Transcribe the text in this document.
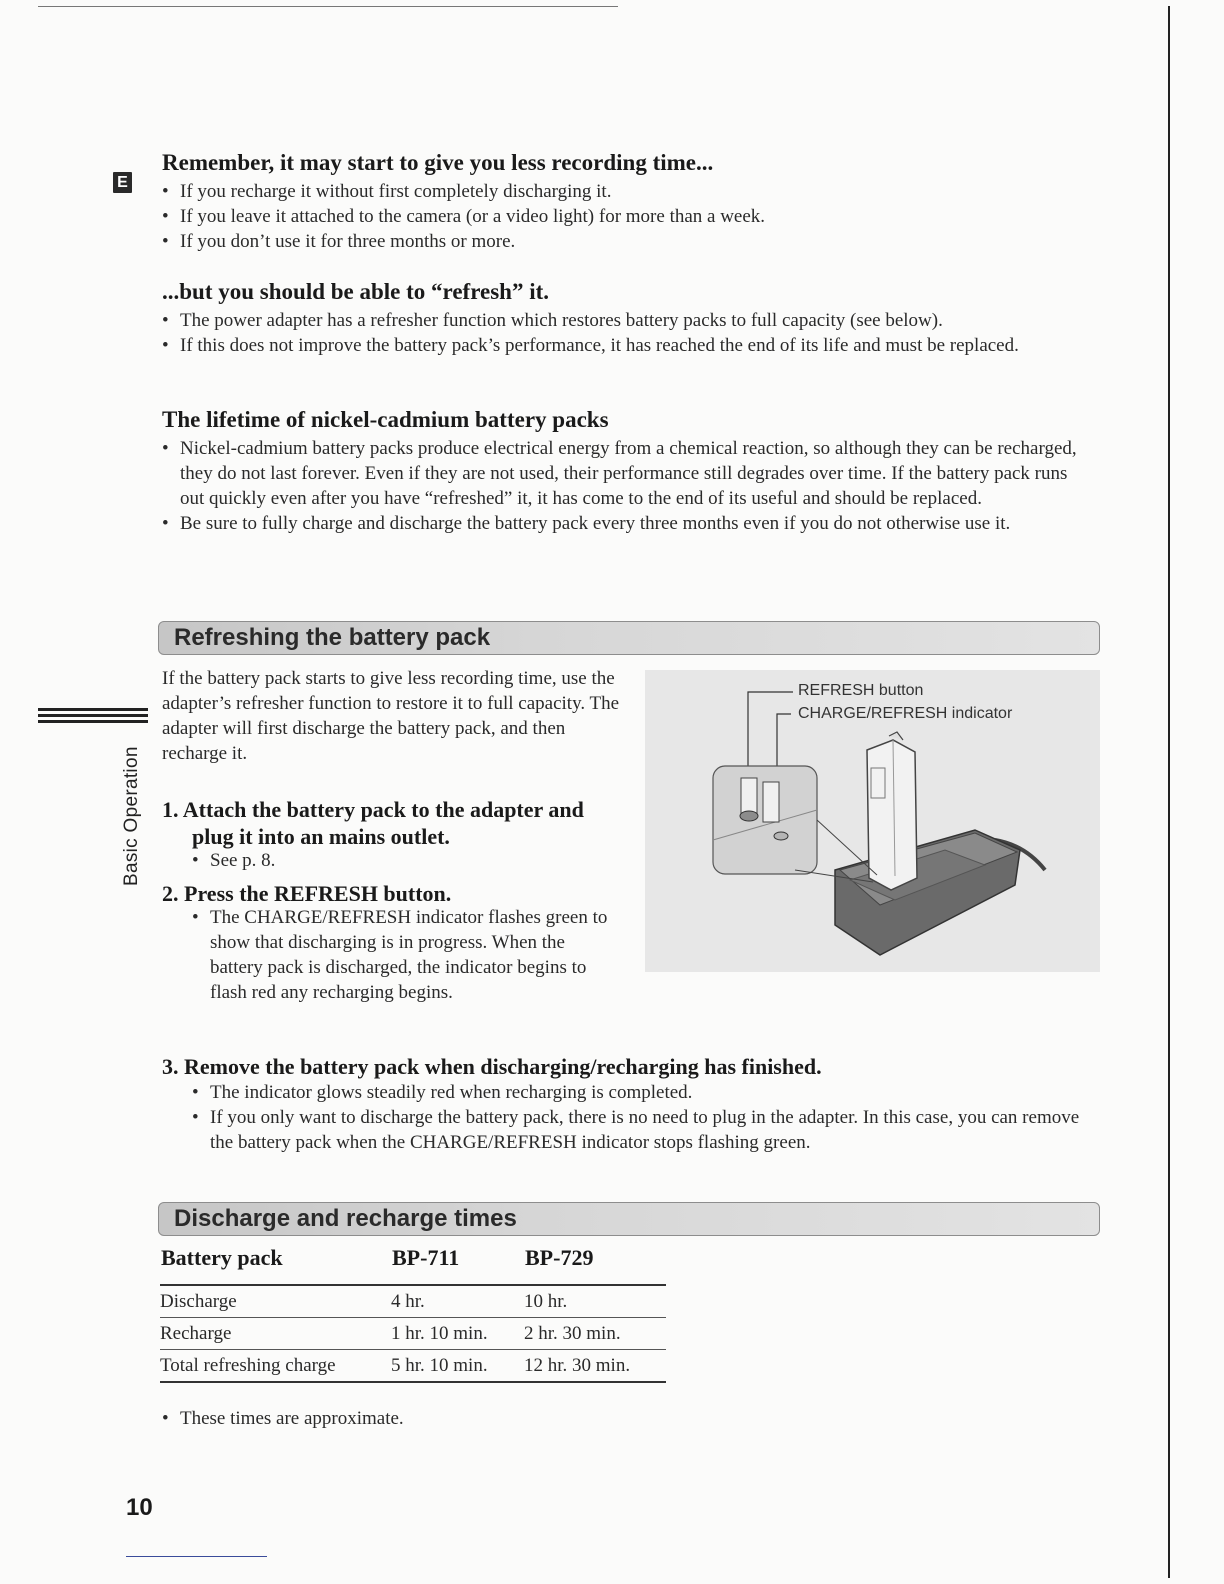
E
Basic Operation
Remember, it may start to give you less recording time...
• If you recharge it without first completely discharging it.
• If you leave it attached to the camera (or a video light) for more than a week.
• If you don’t use it for three months or more.
...but you should be able to “refresh” it.
• The power adapter has a refresher function which restores battery packs to full capacity (see below).
• If this does not improve the battery pack’s performance, it has reached the end of its life and must be replaced.
The lifetime of nickel-cadmium battery packs
• Nickel-cadmium battery packs produce electrical energy from a chemical reaction, so although they can be recharged, they do not last forever. Even if they are not used, their performance still degrades over time. If the battery pack runs out quickly even after you have “refreshed” it, it has come to the end of its useful and should be replaced.
• Be sure to fully charge and discharge the battery pack every three months even if you do not otherwise use it.
Refreshing the battery pack
If the battery pack starts to give less recording time, use the adapter’s refresher function to restore it to full capacity. The adapter will first discharge the battery pack, and then recharge it.
1. Attach the battery pack to the adapter and plug it into an mains outlet.
• See p. 8.
2. Press the REFRESH button.
• The CHARGE/REFRESH indicator flashes green to show that discharging is in progress. When the battery pack is discharged, the indicator begins to flash red any recharging begins.
3. Remove the battery pack when discharging/recharging has finished.
• The indicator glows steadily red when recharging is completed.
• If you only want to discharge the battery pack, there is no need to plug in the adapter. In this case, you can remove the battery pack when the CHARGE/REFRESH indicator stops flashing green.
REFRESH button
CHARGE/REFRESH indicator
Discharge and recharge times
Battery pack	BP-711	BP-729
Discharge	4 hr.	10 hr.
Recharge	1 hr. 10 min.	2 hr. 30 min.
Total refreshing charge	5 hr. 10 min.	12 hr. 30 min.
• These times are approximate.
10
